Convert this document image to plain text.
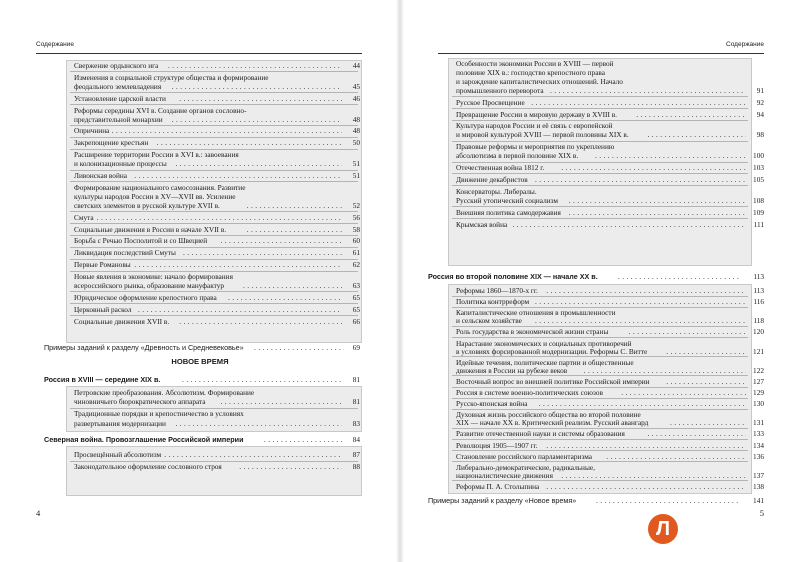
Содержание
Свержение ордынского ига . . .	44
Изменения в социальной структуре общества и формирование
феодального землевладения . . .	45
Установление царской власти . . .	46
Реформы середины XVI в. Создание органов сословно-
представительной монархии . . .	48
Опричнина . . .	48
Закрепощение крестьян . . .	50
Расширение территории России в XVI в.: завоевания
и колонизационные процессы . . .	51
Ливонская война . . .	51
Формирование национального самосознания. Развитие
культуры народов России в XV—XVII вв. Усиление
светских элементов в русской культуре XVII в. . . .	52
Смута . . .	56
Социальные движения в России в начале XVII в. . . .	58
Борьба с Речью Посполитой и со Швецией . . .	60
Ликвидация последствий Смуты . . .	61
Первые Романовы . . .	62
Новые явления в экономике: начало формирования
всероссийского рынка, образование мануфактур . . .	63
Юридическое оформление крепостного права . . .	65
Церковный раскол . . .	65
Социальные движения XVII в. . . .	66
Примеры заданий к разделу «Древность и Средневековье» . . .	69
НОВОЕ ВРЕМЯ
Россия в XVIII — середине XIX в. . . .	81
Петровские преобразования. Абсолютизм. Формирование
чиновничьего бюрократического аппарата . . .	81
Традиционные порядки и крепостничество в условиях
развертывания модернизации . . .	83
Северная война. Провозглашение Российской империи . . .	84
Просвещённый абсолютизм . . .	87
Законодательное оформление сословного строя . . .	88
4
Содержание
Особенности экономики России в XVIII — первой
половине XIX в.: господство крепостного права
и зарождение капиталистических отношений. Начало
промышленного переворота . . .	91
Русское Просвещение . . .	92
Превращение России в мировую державу в XVIII в. . . .	94
Культура народов России и её связь с европейской
и мировой культурой XVIII — первой половины XIX в. . . .	98
Правовые реформы и мероприятия по укреплению
абсолютизма в первой половине XIX в. . . .	100
Отечественная война 1812 г. . . .	103
Движение декабристов . . .	105
Консерваторы. Либералы.
Русский утопический социализм . . .	108
Внешняя политика самодержавия . . .	109
Крымская война . . .	111
Россия во второй половине XIX — начале XX в. . . .	113
Реформы 1860—1870-х гг. . . .	113
Политика контрреформ . . .	116
Капиталистические отношения в промышленности
и сельском хозяйстве . . .	118
Роль государства в экономической жизни страны . . .	120
Нарастание экономических и социальных противоречий
в условиях форсированной модернизации. Реформы С. Витте . . .	121
Идейные течения, политические партии и общественные
движения в России на рубеже веков . . .	122
Восточный вопрос во внешней политике Российской империи . . .	127
Россия в системе военно-политических союзов . . .	129
Русско-японская война . . .	130
Духовная жизнь российского общества во второй половине
XIX — начале XX в. Критический реализм. Русский авангард . . .	131
Развитие отечественной науки и системы образования . . .	133
Революция 1905—1907 гг. . . .	134
Становление российского парламентаризма . . .	136
Либерально-демократические, радикальные,
националистические движения . . .	137
Реформы П. А. Столыпина . . .	138
Примеры заданий к разделу «Новое время» . . .	141
5
Л
